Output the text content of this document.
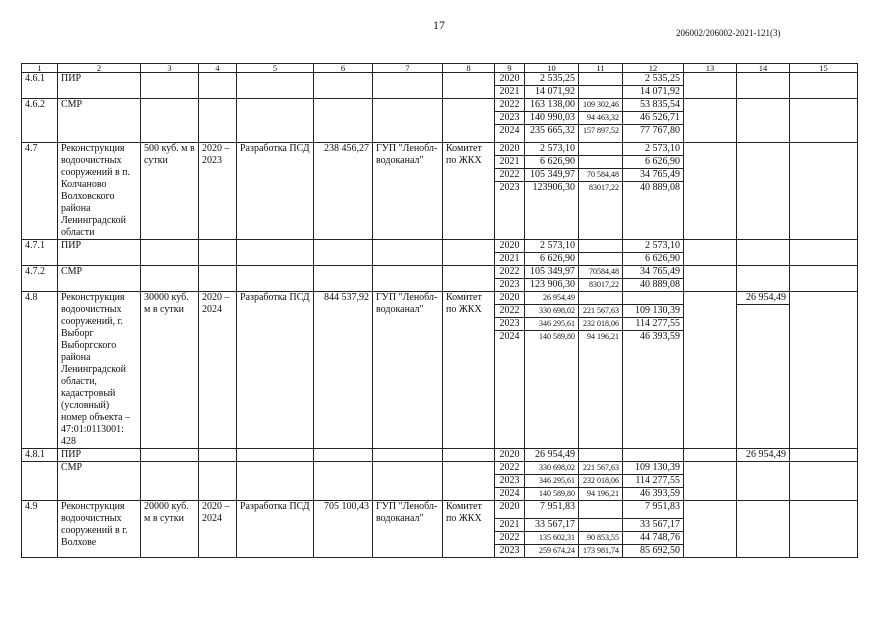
17
206002/206002-2021-121(3)
1	2	3	4	5	6	7	8	9	10	11	12	13	14	15
4.6.1	ПИР							2020	2 535,25		2 535,25			
								2021	14 071,92		14 071,92			
4.6.2	СМР							2022	163 138,00	109 302,46	53 835,54			
								2023	140 990,03	94 463,32	46 526,71			
								2024	235 665,32	157 897,52	77 767,80			
4.7	Реконструкция водоочистных сооружений в п. Колчаново Волховского района Ленинградской области	500 куб. м в сутки	2020 – 2023	Разработка ПСД	238 456,27	ГУП "Ленобл-водоканал"	Комитет по ЖКХ	2020	2 573,10		2 573,10			
								2021	6 626,90		6 626,90			
								2022	105 349,97	70 584,48	34 765,49			
								2023	123906,30	83017,22	40 889,08			
4.7.1	ПИР							2020	2 573,10		2 573,10			
								2021	6 626,90		6 626,90			
4.7.2	СМР							2022	105 349,97	70584,48	34 765,49			
								2023	123 906,30	83017,22	40 889,08			
4.8	Реконструкция водоочистных сооружений, г. Выборг Выборгского района Ленинградской области, кадастровый (условный) номер объекта – 47:01:0113001: 428	30000 куб. м в сутки	2020 – 2024	Разработка ПСД	844 537,92	ГУП "Ленобл-водоканал"	Комитет по ЖКХ	2020	26 954,49				26 954,49	
								2022	330 698,02	221 567,63	109 130,39			
								2023	346 295,61	232 018,06	114 277,55			
								2024	140 589,80	94 196,21	46 393,59			
4.8.1	ПИР							2020	26 954,49				26 954,49	
	СМР							2022	330 698,02	221 567,63	109 130,39			
								2023	346 295,61	232 018,06	114 277,55			
								2024	140 589,80	94 196,21	46 393,59			
4.9	Реконструкция водоочистных сооружений в г. Волхове	20000 куб. м в сутки	2020 – 2024	Разработка ПСД	705 100,43	ГУП "Ленобл-водоканал"	Комитет по ЖКХ	2020	7 951,83		7 951,83			
								2021	33 567,17		33 567,17			
								2022	135 602,31	90 853,55	44 748,76			
								2023	259 674,24	173 981,74	85 692,50			
